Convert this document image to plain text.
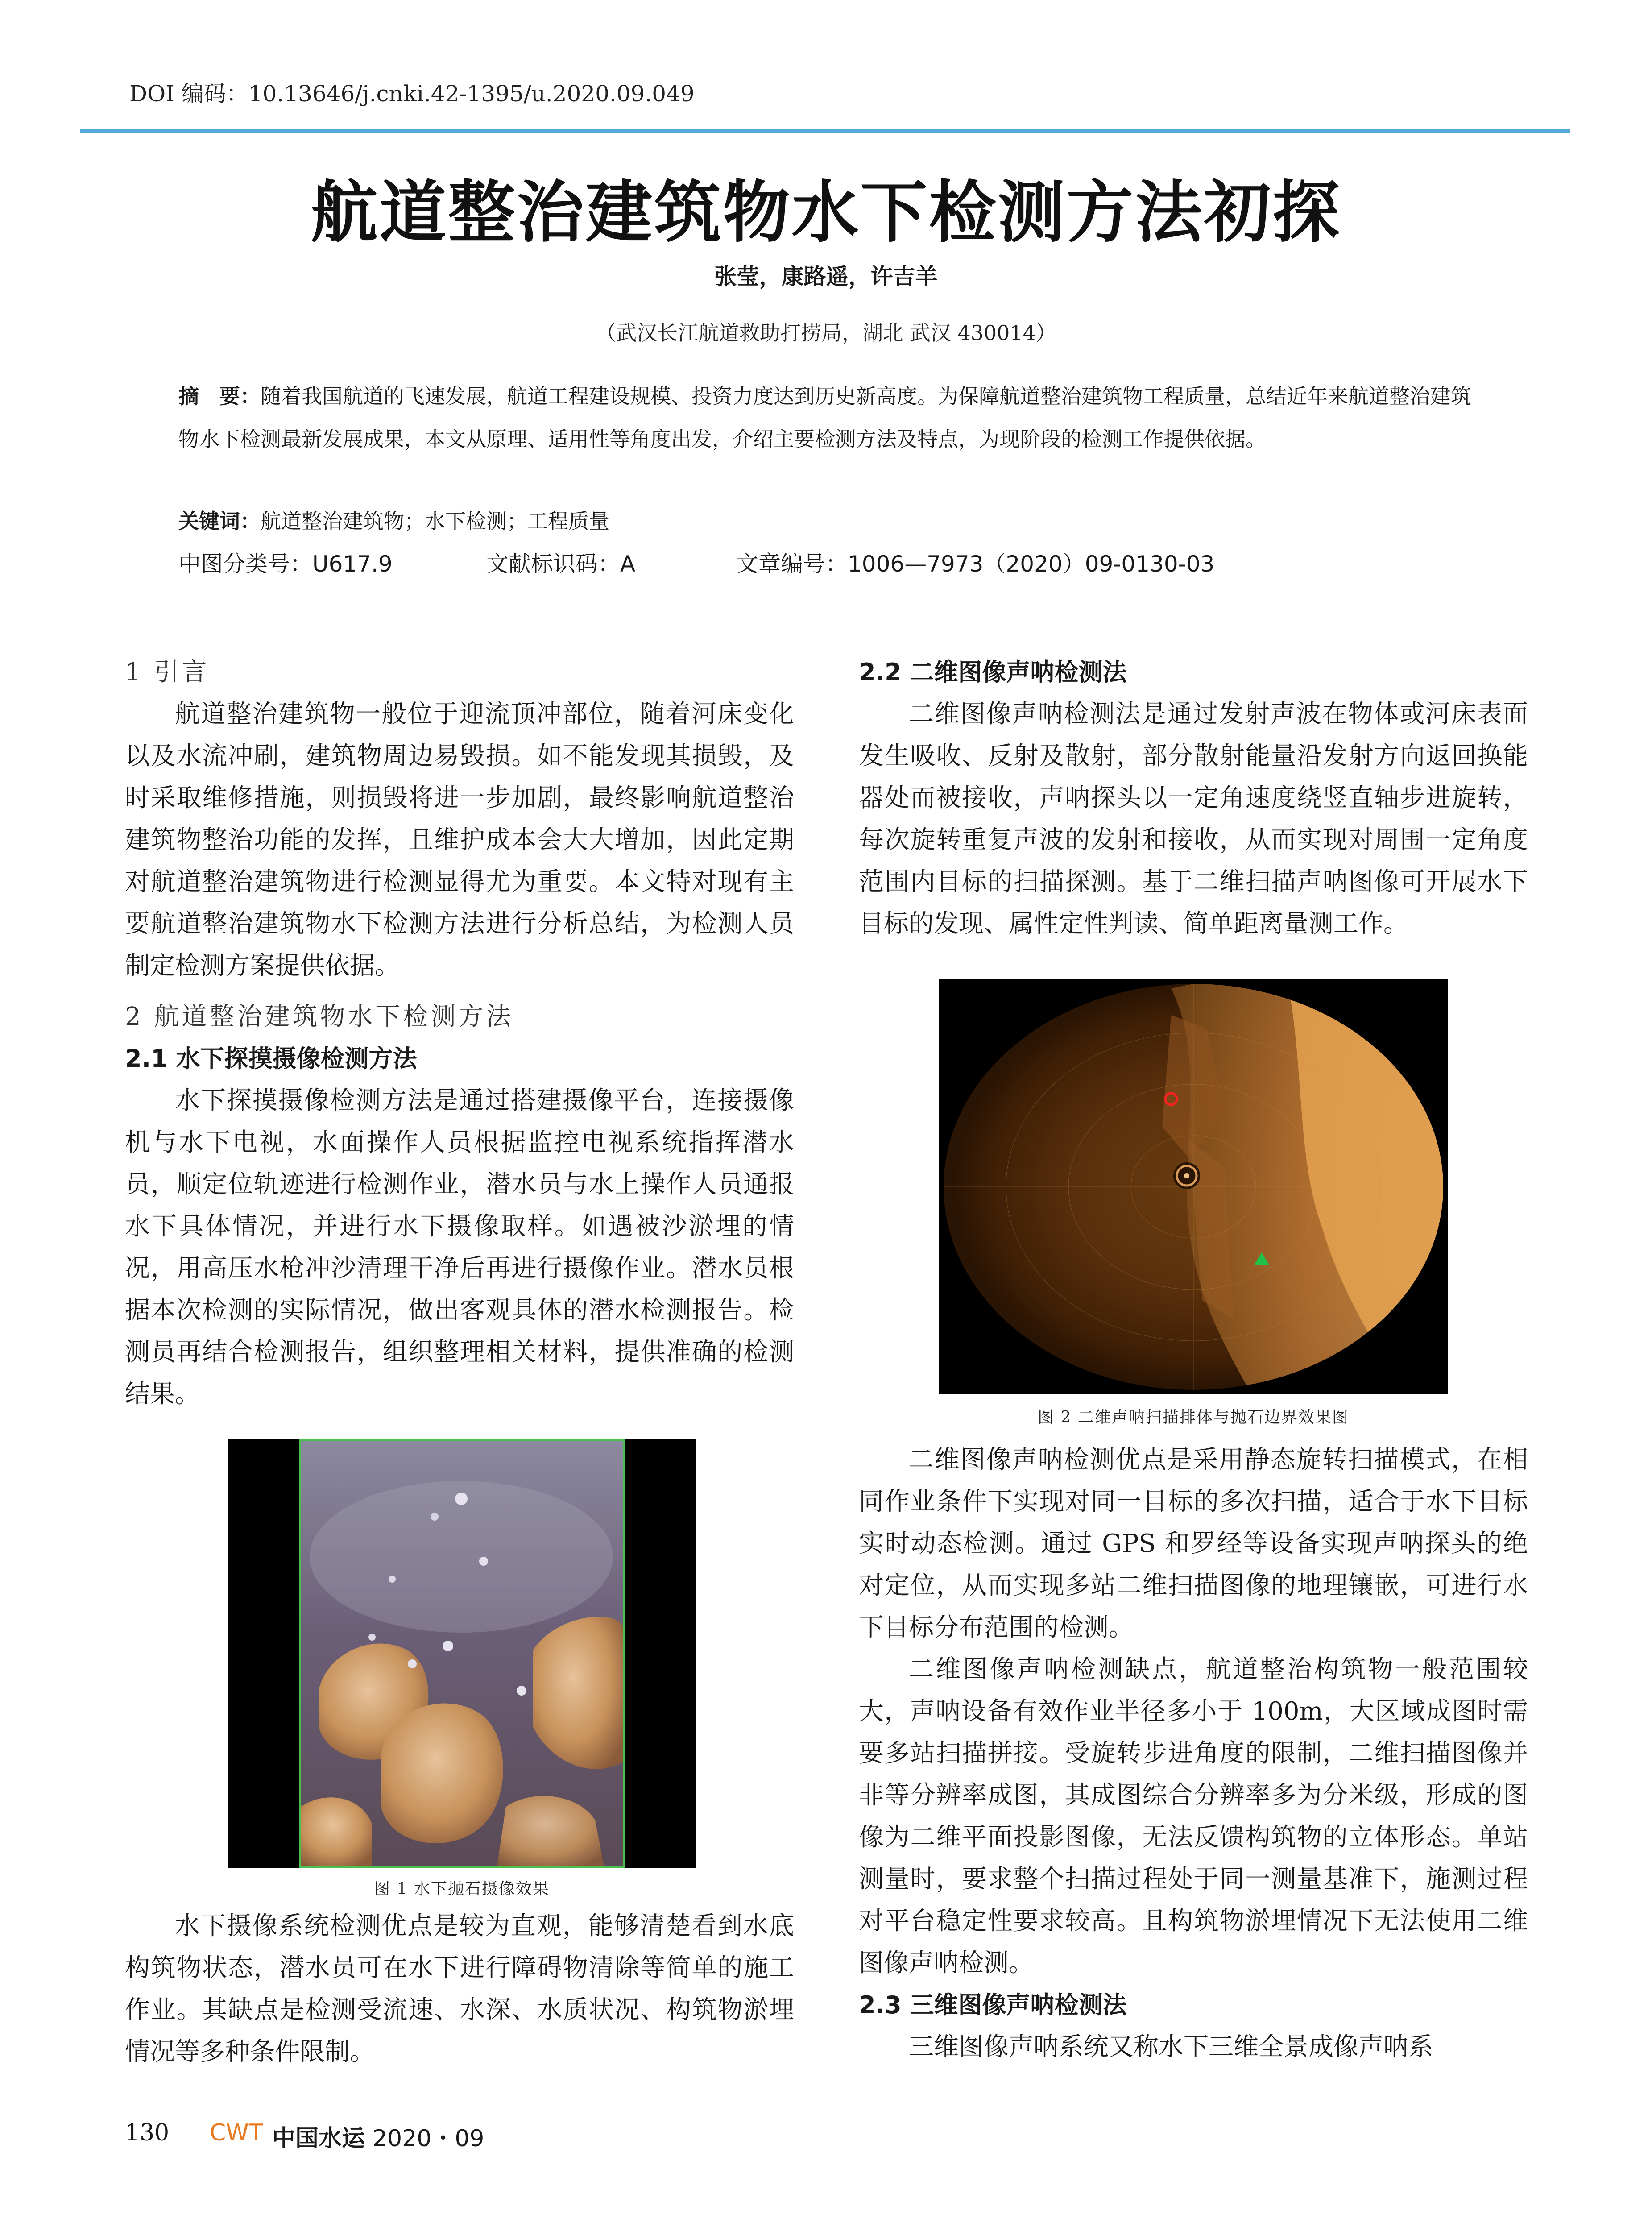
DOI 编码：10.13646/j.cnki.42-1395/u.2020.09.049
航道整治建筑物水下检测方法初探
张莹，康路遥，许吉羊
（武汉长江航道救助打捞局，湖北 武汉 430014）
摘　要：随着我国航道的飞速发展，航道工程建设规模、投资力度达到历史新高度。为保障航道整治建筑物工程质量，总结近年来航道整治建筑物水下检测最新发展成果，本文从原理、适用性等角度出发，介绍主要检测方法及特点，为现阶段的检测工作提供依据。
关键词：航道整治建筑物；水下检测；工程质量
中图分类号：U617.9	文献标识码：A	文章编号：1006—7973（2020）09-0130-03
1 引言

航道整治建筑物一般位于迎流顶冲部位，随着河床变化以及水流冲刷，建筑物周边易毁损。如不能发现其损毁，及时采取维修措施，则损毁将进一步加剧，最终影响航道整治建筑物整治功能的发挥，且维护成本会大大增加，因此定期对航道整治建筑物进行检测显得尤为重要。本文特对现有主要航道整治建筑物水下检测方法进行分析总结，为检测人员制定检测方案提供依据。

2 航道整治建筑物水下检测方法
2.1 水下探摸摄像检测方法

水下探摸摄像检测方法是通过搭建摄像平台，连接摄像机与水下电视，水面操作人员根据监控电视系统指挥潜水员，顺定位轨迹进行检测作业，潜水员与水上操作人员通报水下具体情况，并进行水下摄像取样。如遇被沙淤埋的情况，用高压水枪冲沙清理干净后再进行摄像作业。潜水员根据本次检测的实际情况，做出客观具体的潜水检测报告。检测员再结合检测报告，组织整理相关材料，提供准确的检测结果。

图 1 水下抛石摄像效果

水下摄像系统检测优点是较为直观，能够清楚看到水底构筑物状态，潜水员可在水下进行障碍物清除等简单的施工作业。其缺点是检测受流速、水深、水质状况、构筑物淤埋情况等多种条件限制。

2.2 二维图像声呐检测法

二维图像声呐检测法是通过发射声波在物体或河床表面发生吸收、反射及散射，部分散射能量沿发射方向返回换能器处而被接收，声呐探头以一定角速度绕竖直轴步进旋转，每次旋转重复声波的发射和接收，从而实现对周围一定角度范围内目标的扫描探测。基于二维扫描声呐图像可开展水下目标的发现、属性定性判读、简单距离量测工作。

图 2 二维声呐扫描排体与抛石边界效果图

二维图像声呐检测优点是采用静态旋转扫描模式，在相同作业条件下实现对同一目标的多次扫描，适合于水下目标实时动态检测。通过 GPS 和罗经等设备实现声呐探头的绝对定位，从而实现多站二维扫描图像的地理镶嵌，可进行水下目标分布范围的检测。

二维图像声呐检测缺点，航道整治构筑物一般范围较大，声呐设备有效作业半径多小于 100m，大区域成图时需要多站扫描拼接。受旋转步进角度的限制，二维扫描图像并非等分辨率成图，其成图综合分辨率多为分米级，形成的图像为二维平面投影图像，无法反馈构筑物的立体形态。单站测量时，要求整个扫描过程处于同一测量基准下，施测过程对平台稳定性要求较高。且构筑物淤埋情况下无法使用二维图像声呐检测。

2.3 三维图像声呐检测法

三维图像声呐系统又称水下三维全景成像声呐系

130 CWT 中国水运 2020・09
